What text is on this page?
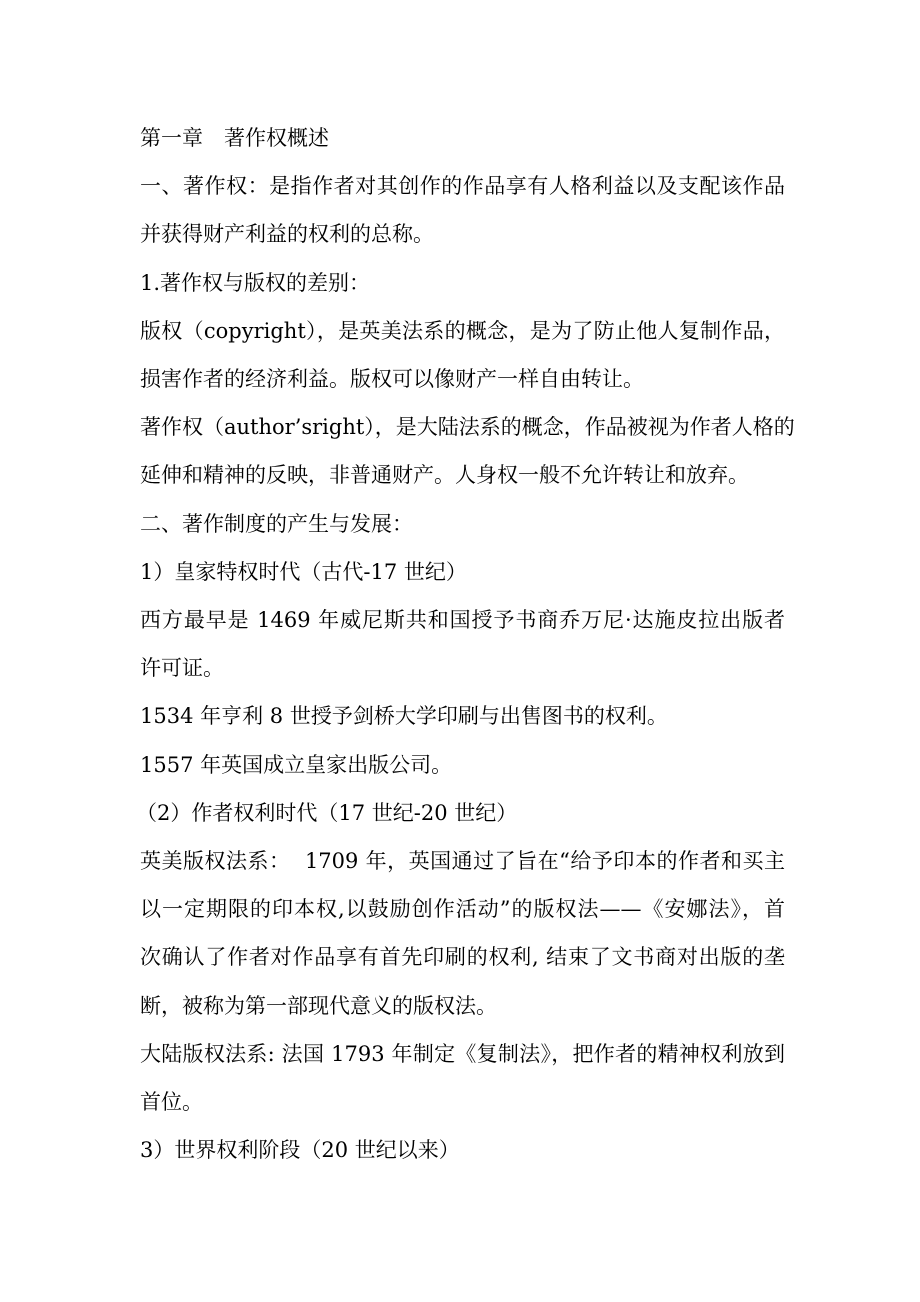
第一章　著作权概述
一、著作权：是指作者对其创作的作品享有人格利益以及支配该作品
并获得财产利益的权利的总称。
1.著作权与版权的差别：
版权（copyright），是英美法系的概念，是为了防止他人复制作品，
损害作者的经济利益。版权可以像财产一样自由转让。
著作权（author’sright），是大陆法系的概念，作品被视为作者人格的
延伸和精神的反映，非普通财产。人身权一般不允许转让和放弃。
二、著作制度的产生与发展：
1）皇家特权时代（古代-17 世纪）
西方最早是 1469 年威尼斯共和国授予书商乔万尼·达施皮拉出版者
许可证。
1534 年亨利 8 世授予剑桥大学印刷与出售图书的权利。
1557 年英国成立皇家出版公司。
（2）作者权利时代（17 世纪-20 世纪）
英美版权法系：  1709 年，英国通过了旨在“给予印本的作者和买主
以一定期限的印本权,以鼓励创作活动”的版权法——《安娜法》，首
次确认了作者对作品享有首先印刷的权利, 结束了文书商对出版的垄
断，被称为第一部现代意义的版权法。
大陆版权法系: 法国 1793 年制定《复制法》，把作者的精神权利放到
首位。
3）世界权利阶段（20 世纪以来）
